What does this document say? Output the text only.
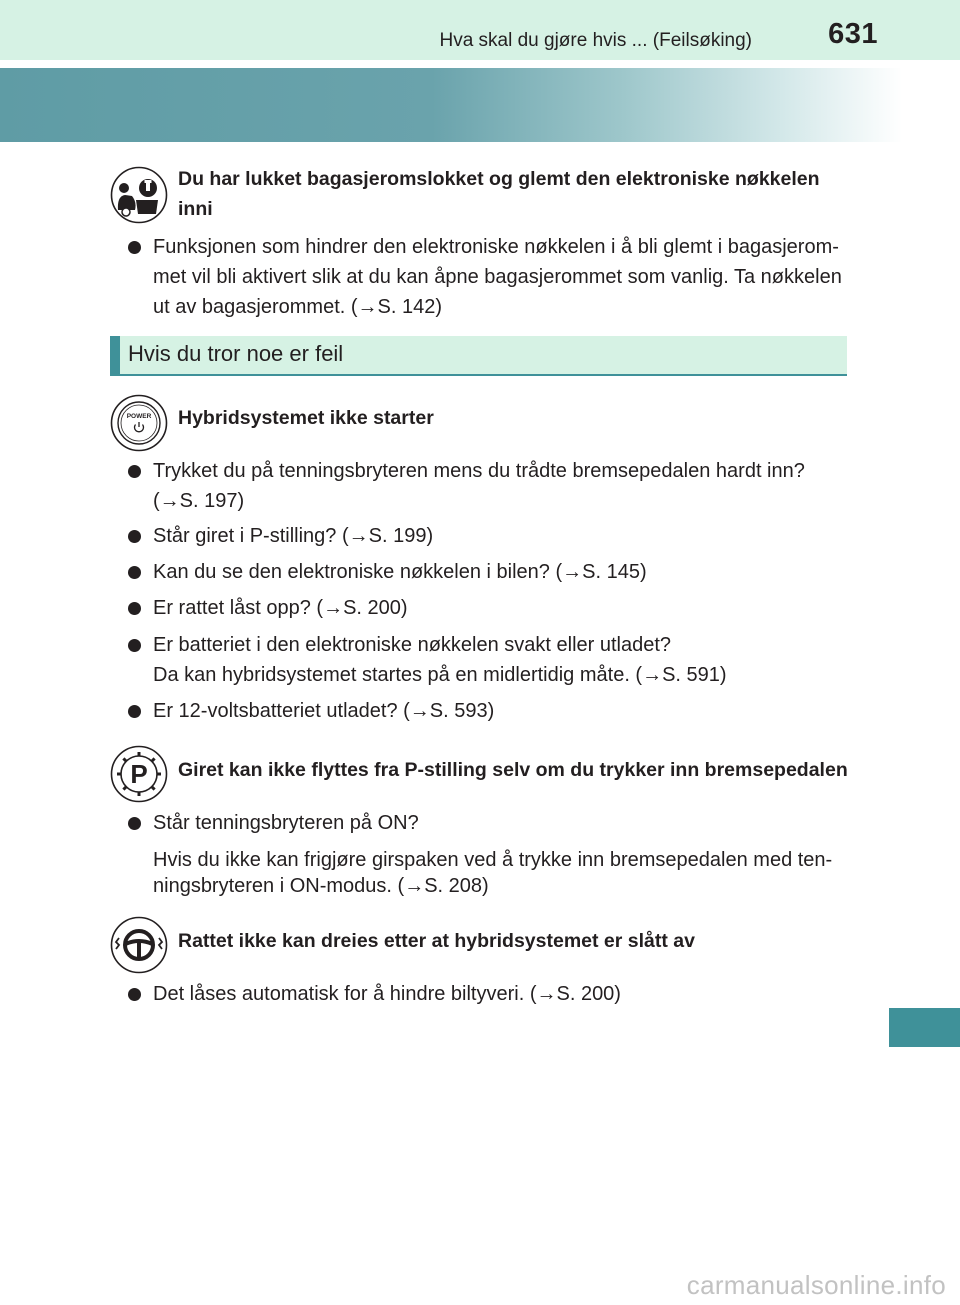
Hva skal du gjøre hvis ... (Feilsøking)	631
Du har lukket bagasjeromslokket og glemt den elektroniske nøkkelen inni
Funksjonen som hindrer den elektroniske nøkkelen i å bli glemt i bagasjerom-met vil bli aktivert slik at du kan åpne bagasjerommet som vanlig. Ta nøkkelen ut av bagasjerommet. (→S. 142)
Hvis du tror noe er feil
POWER Hybridsystemet ikke starter
Trykket du på tenningsbryteren mens du trådte bremsepedalen hardt inn? (→S. 197)
Står giret i P-stilling? (→S. 199)
Kan du se den elektroniske nøkkelen i bilen? (→S. 145)
Er rattet låst opp? (→S. 200)
Er batteriet i den elektroniske nøkkelen svakt eller utladet?
Da kan hybridsystemet startes på en midlertidig måte. (→S. 591)
Er 12-voltsbatteriet utladet? (→S. 593)
P Giret kan ikke flyttes fra P-stilling selv om du trykker inn bremsepedalen
Står tenningsbryteren på ON?
Hvis du ikke kan frigjøre girspaken ved å trykke inn bremsepedalen med ten-ningsbryteren i ON-modus. (→S. 208)
Rattet ikke kan dreies etter at hybridsystemet er slått av
Det låses automatisk for å hindre biltyveri. (→S. 200)
carmanualsonline.info
